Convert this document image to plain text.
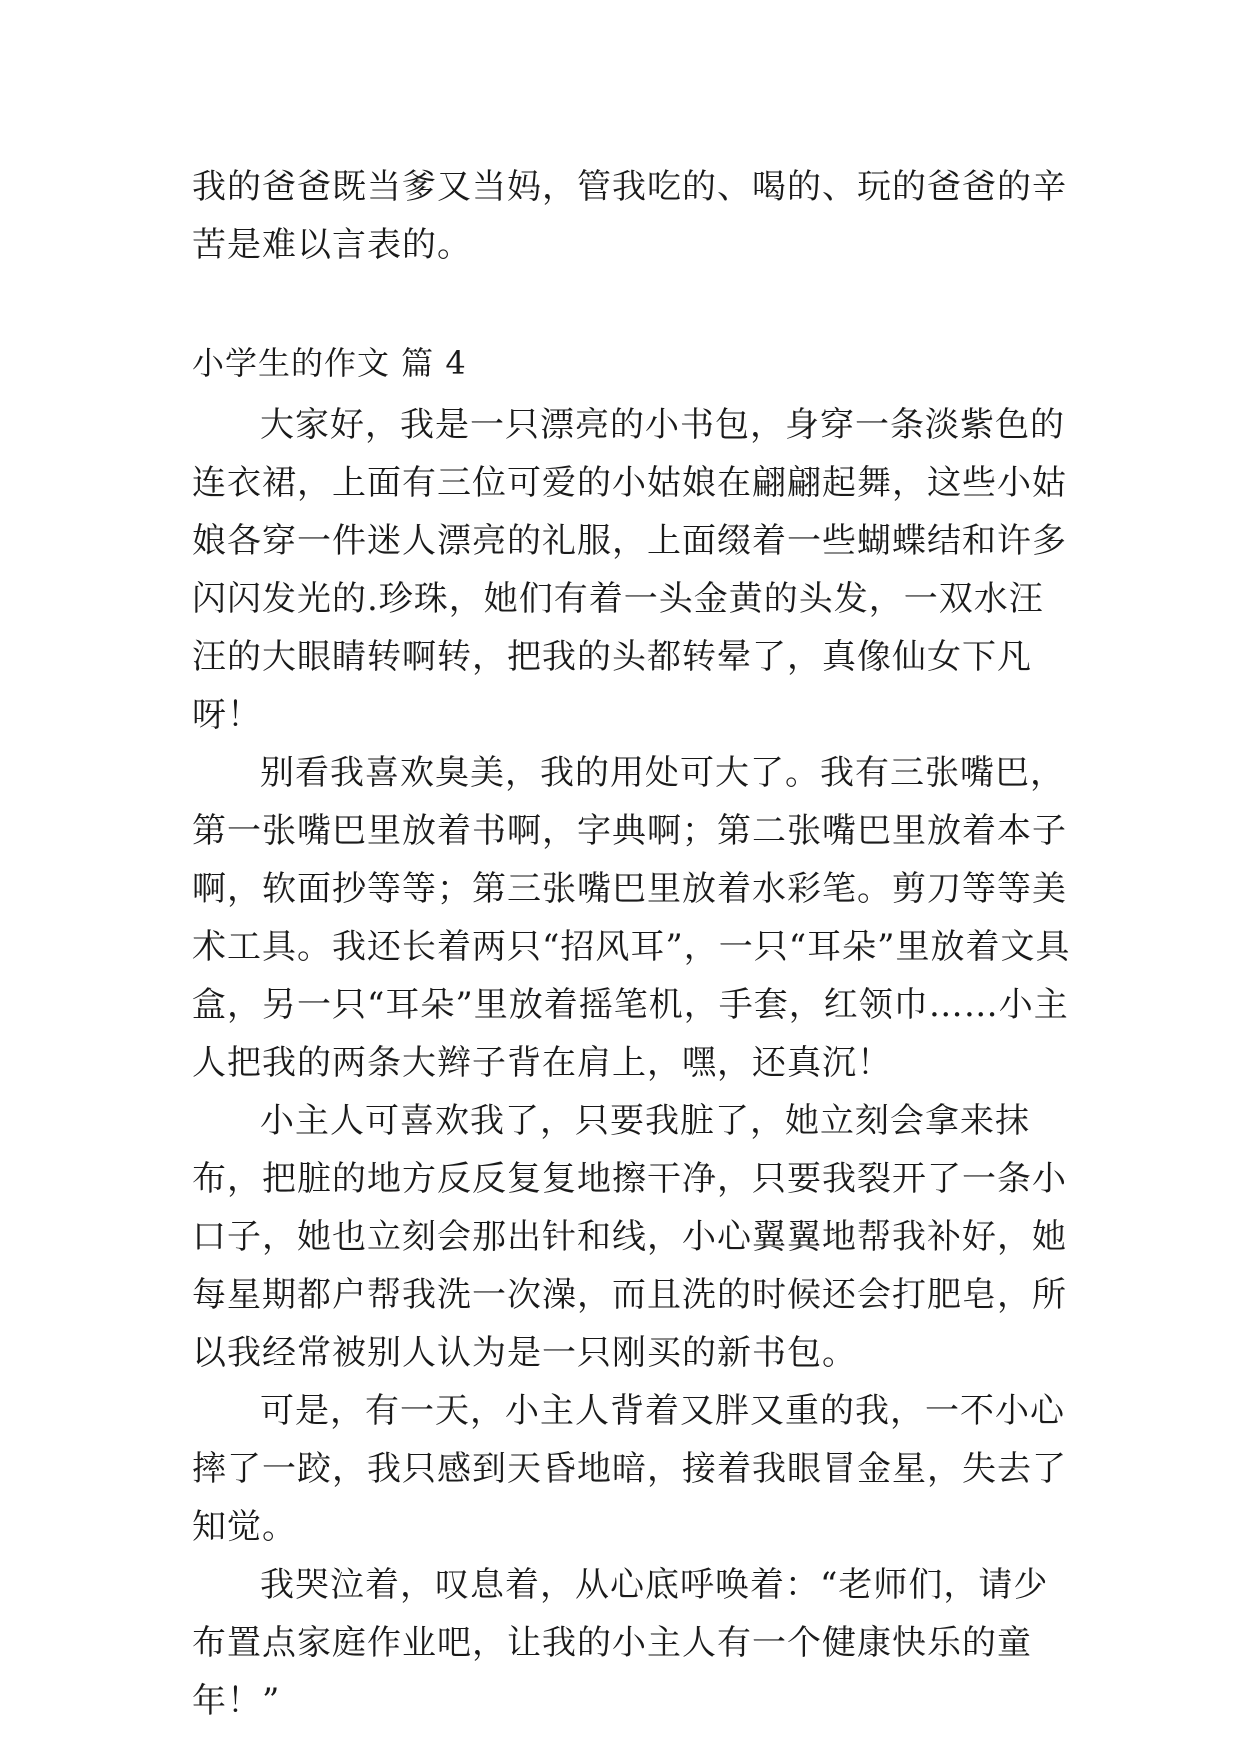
我的爸爸既当爹又当妈，管我吃的、喝的、玩的爸爸的辛苦是难以言表的。

小学生的作文 篇 4

大家好，我是一只漂亮的小书包，身穿一条淡紫色的连衣裙，上面有三位可爱的小姑娘在翩翩起舞，这些小姑娘各穿一件迷人漂亮的礼服，上面缀着一些蝴蝶结和许多闪闪发光的.珍珠，她们有着一头金黄的头发，一双水汪汪的大眼睛转啊转，把我的头都转晕了，真像仙女下凡呀！

别看我喜欢臭美，我的用处可大了。我有三张嘴巴，第一张嘴巴里放着书啊，字典啊；第二张嘴巴里放着本子啊，软面抄等等；第三张嘴巴里放着水彩笔。剪刀等等美术工具。我还长着两只“招风耳”，一只“耳朵”里放着文具盒，另一只“耳朵”里放着摇笔机，手套，红领巾……小主人把我的两条大辫子背在肩上，嘿，还真沉！

小主人可喜欢我了，只要我脏了，她立刻会拿来抹布，把脏的地方反反复复地擦干净，只要我裂开了一条小口子，她也立刻会那出针和线，小心翼翼地帮我补好，她每星期都户帮我洗一次澡，而且洗的时候还会打肥皂，所以我经常被别人认为是一只刚买的新书包。

可是，有一天，小主人背着又胖又重的我，一不小心摔了一跤，我只感到天昏地暗，接着我眼冒金星，失去了知觉。

我哭泣着，叹息着，从心底呼唤着：“老师们，请少布置点家庭作业吧，让我的小主人有一个健康快乐的童年！”
